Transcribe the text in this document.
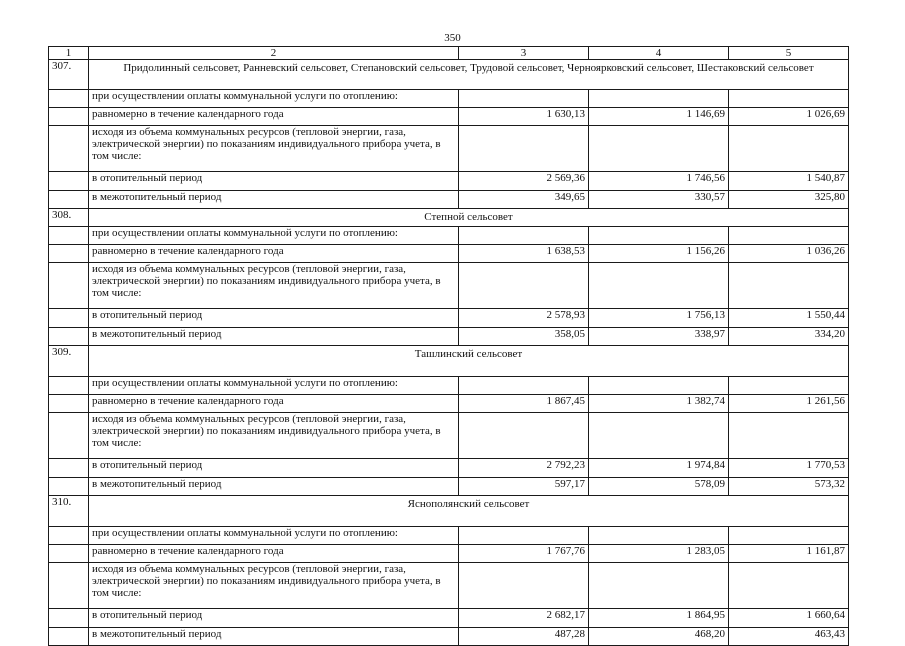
350
1	2	3	4	5
307.	Придолинный сельсовет, Ранневский сельсовет, Степановский сельсовет, Трудовой сельсовет, Черноярковский сельсовет, Шестаковский сельсовет			
	при осуществлении оплаты коммунальной услуги по отоплению:			
	равномерно в течение календарного года	1 630,13	1 146,69	1 026,69
	исходя из объема коммунальных ресурсов (тепловой энергии, газа, электрической энергии) по показаниям индивидуального прибора учета, в том числе:			
	в отопительный период	2 569,36	1 746,56	1 540,87
	в межотопительный период	349,65	330,57	325,80
308.	Степной сельсовет			
	при осуществлении оплаты коммунальной услуги по отоплению:			
	равномерно в течение календарного года	1 638,53	1 156,26	1 036,26
	исходя из объема коммунальных ресурсов (тепловой энергии, газа, электрической энергии) по показаниям индивидуального прибора учета, в том числе:			
	в отопительный период	2 578,93	1 756,13	1 550,44
	в межотопительный период	358,05	338,97	334,20
309.	Ташлинский сельсовет			
	при осуществлении оплаты коммунальной услуги по отоплению:			
	равномерно в течение календарного года	1 867,45	1 382,74	1 261,56
	исходя из объема коммунальных ресурсов (тепловой энергии, газа, электрической энергии) по показаниям индивидуального прибора учета, в том числе:			
	в отопительный период	2 792,23	1 974,84	1 770,53
	в межотопительный период	597,17	578,09	573,32
310.	Яснополянский сельсовет			
	при осуществлении оплаты коммунальной услуги по отоплению:			
	равномерно в течение календарного года	1 767,76	1 283,05	1 161,87
	исходя из объема коммунальных ресурсов (тепловой энергии, газа, электрической энергии) по показаниям индивидуального прибора учета, в том числе:			
	в отопительный период	2 682,17	1 864,95	1 660,64
	в межотопительный период	487,28	468,20	463,43
